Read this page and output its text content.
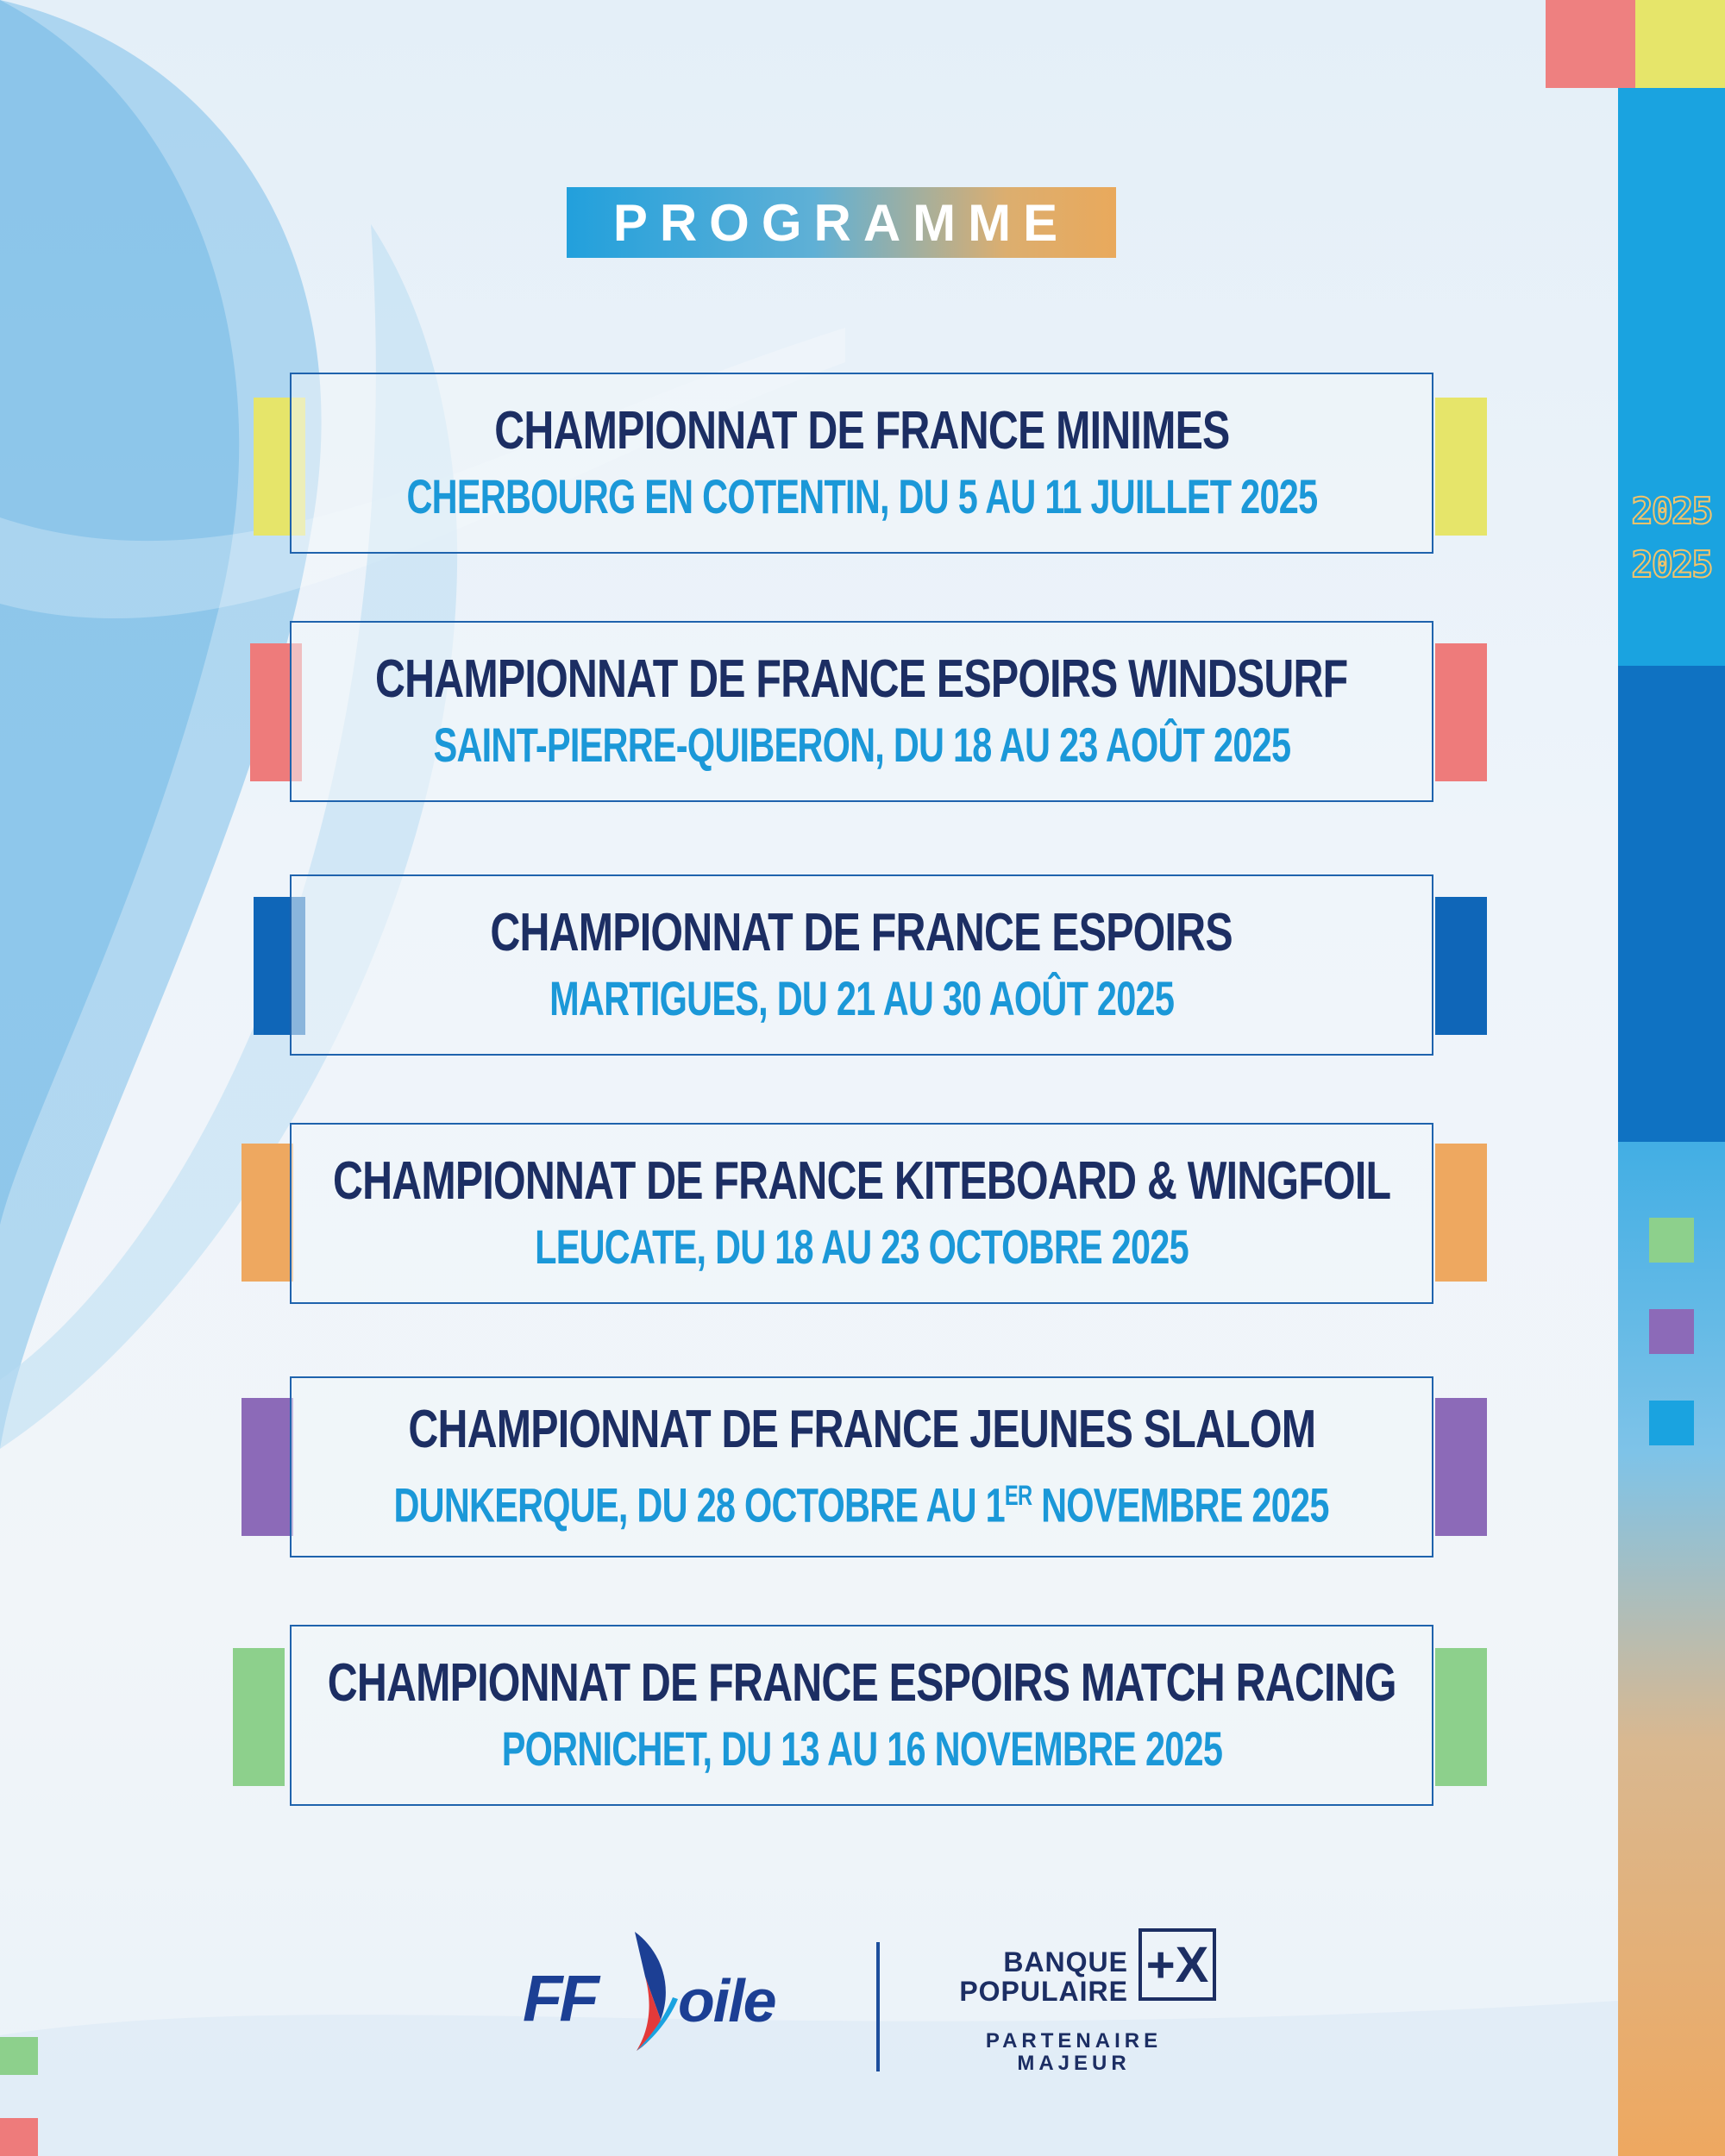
2025
2025
PROGRAMME
CHAMPIONNAT DE FRANCE MINIMES
CHERBOURG EN COTENTIN, DU 5 AU 11 JUILLET 2025
CHAMPIONNAT DE FRANCE ESPOIRS WINDSURF
SAINT-PIERRE-QUIBERON, DU 18 AU 23 AOÛT 2025
CHAMPIONNAT DE FRANCE ESPOIRS
MARTIGUES, DU 21 AU 30 AOÛT 2025
CHAMPIONNAT DE FRANCE KITEBOARD & WINGFOIL
LEUCATE, DU 18 AU 23 OCTOBRE 2025
CHAMPIONNAT DE FRANCE JEUNES SLALOM
DUNKERQUE, DU 28 OCTOBRE AU 1ER NOVEMBRE 2025
CHAMPIONNAT DE FRANCE ESPOIRS MATCH RACING
PORNICHET, DU 13 AU 16 NOVEMBRE 2025
FF oile
BANQUE
POPULAIRE +X
PARTENAIRE
MAJEUR
